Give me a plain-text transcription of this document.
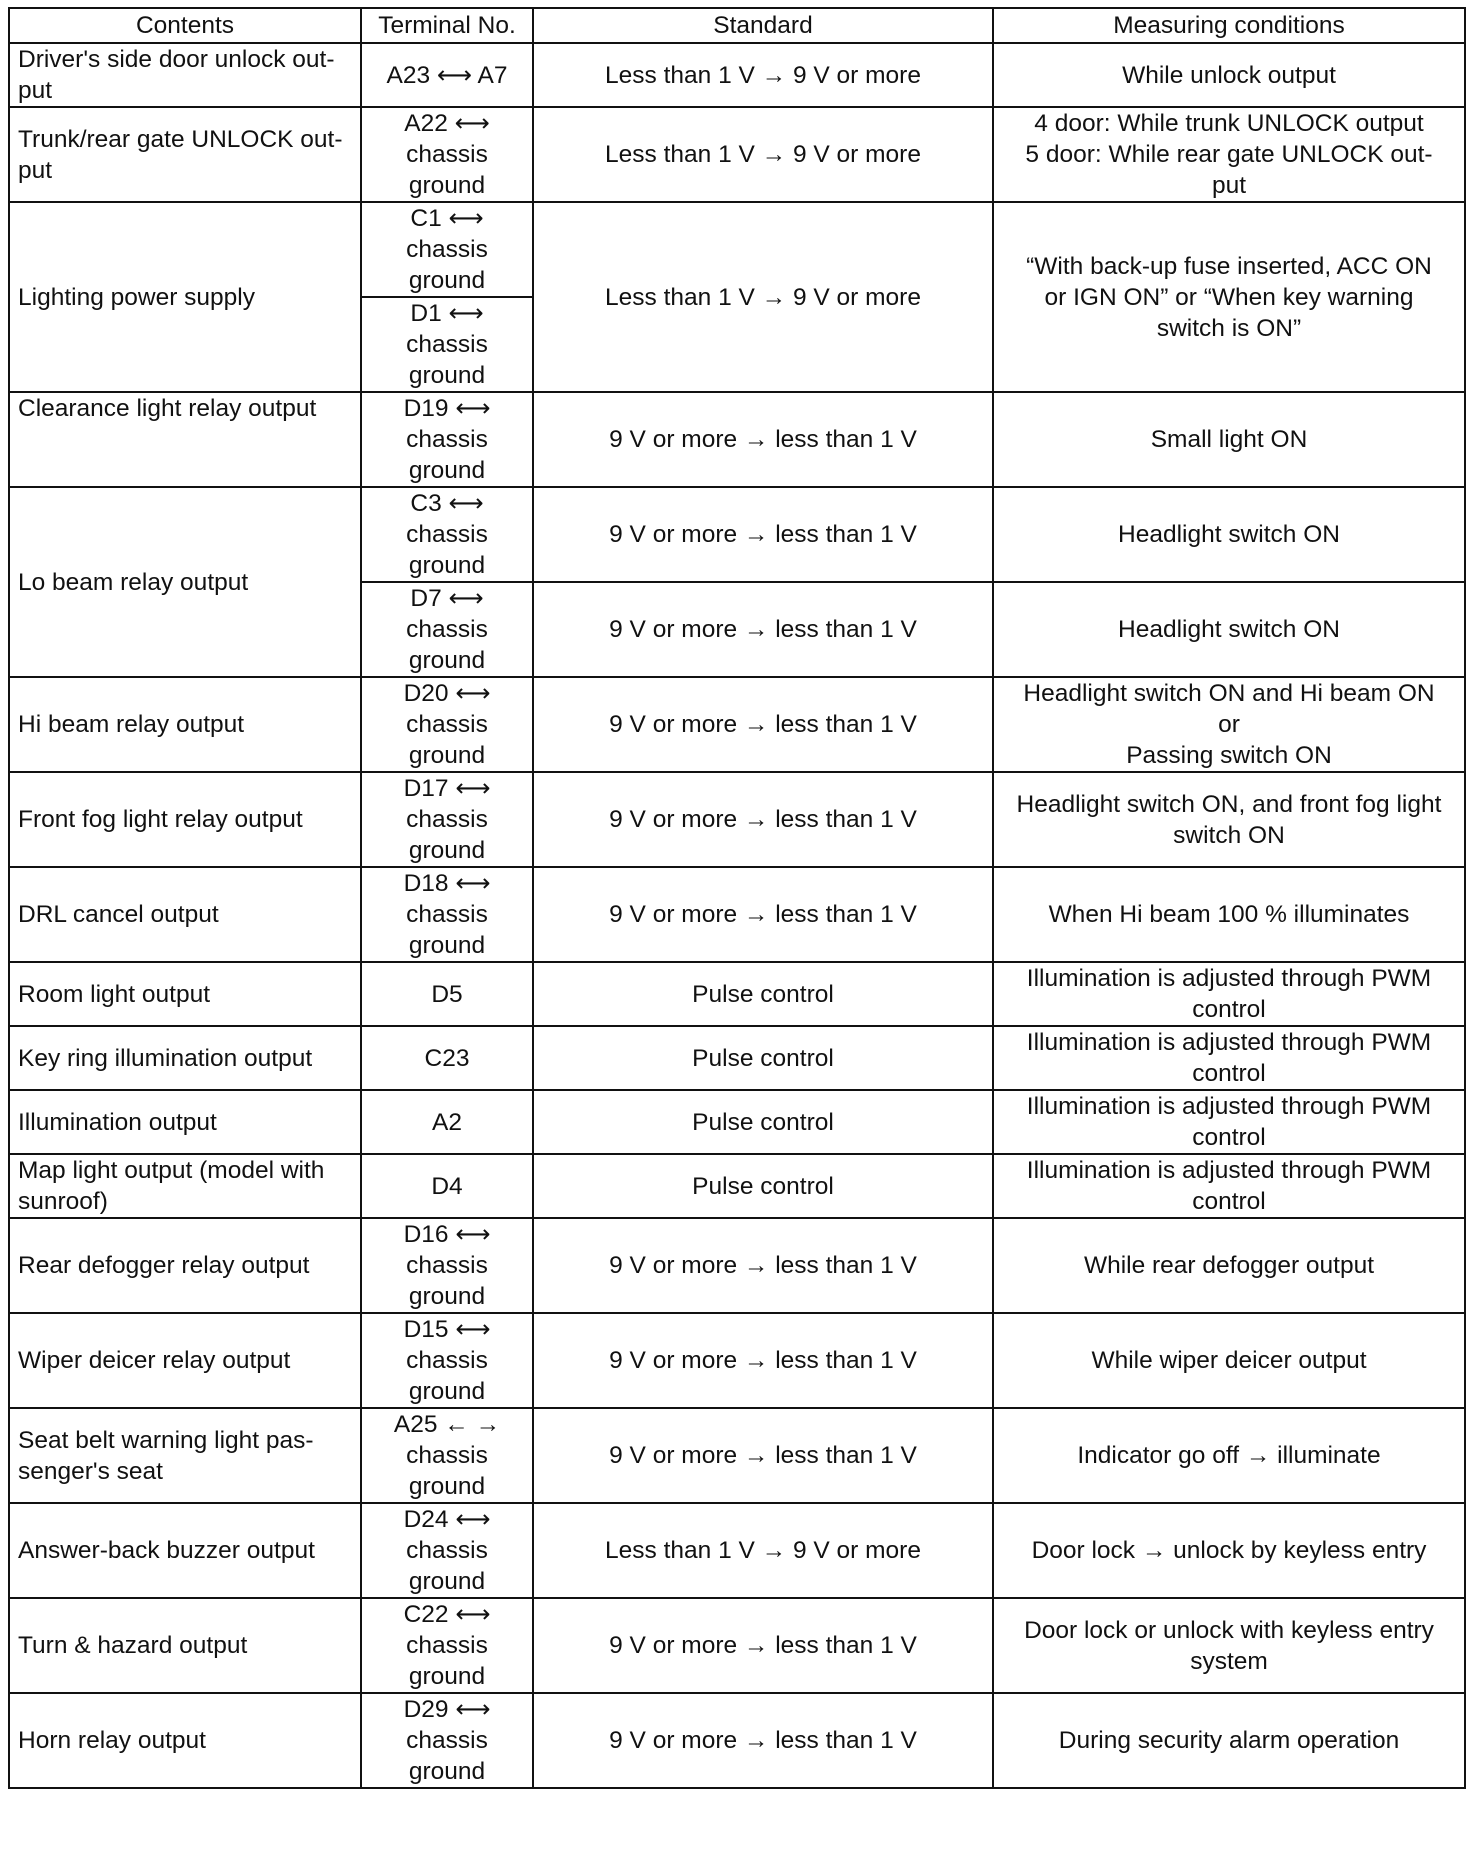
Contents	Terminal No.	Standard	Measuring conditions
Driver's side door unlock out-
put	A23 ⟷ A7	Less than 1 V → 9 V or more	While unlock output
Trunk/rear gate UNLOCK out-
put	A22 ⟷
chassis
ground	Less than 1 V → 9 V or more	4 door: While trunk UNLOCK output
5 door: While rear gate UNLOCK out-
put
Lighting power supply	C1 ⟷
chassis
ground	Less than 1 V → 9 V or more	“With back-up fuse inserted, ACC ON
or IGN ON” or “When key warning
switch is ON”
	D1 ⟷
chassis
ground		
Clearance light relay output	D19 ⟷
chassis
ground	9 V or more → less than 1 V	Small light ON
Lo beam relay output	C3 ⟷
chassis
ground	9 V or more → less than 1 V	Headlight switch ON
	D7 ⟷
chassis
ground	9 V or more → less than 1 V	Headlight switch ON
Hi beam relay output	D20 ⟷
chassis
ground	9 V or more → less than 1 V	Headlight switch ON and Hi beam ON
or
Passing switch ON
Front fog light relay output	D17 ⟷
chassis
ground	9 V or more → less than 1 V	Headlight switch ON, and front fog light
switch ON
DRL cancel output	D18 ⟷
chassis
ground	9 V or more → less than 1 V	When Hi beam 100 % illuminates
Room light output	D5	Pulse control	Illumination is adjusted through PWM
control
Key ring illumination output	C23	Pulse control	Illumination is adjusted through PWM
control
Illumination output	A2	Pulse control	Illumination is adjusted through PWM
control
Map light output (model with
sunroof)	D4	Pulse control	Illumination is adjusted through PWM
control
Rear defogger relay output	D16 ⟷
chassis
ground	9 V or more → less than 1 V	While rear defogger output
Wiper deicer relay output	D15 ⟷
chassis
ground	9 V or more → less than 1 V	While wiper deicer output
Seat belt warning light pas-
senger's seat	A25 ← →
chassis
ground	9 V or more → less than 1 V	Indicator go off → illuminate
Answer-back buzzer output	D24 ⟷
chassis
ground	Less than 1 V → 9 V or more	Door lock → unlock by keyless entry
Turn & hazard output	C22 ⟷
chassis
ground	9 V or more → less than 1 V	Door lock or unlock with keyless entry
system
Horn relay output	D29 ⟷
chassis
ground	9 V or more → less than 1 V	During security alarm operation
